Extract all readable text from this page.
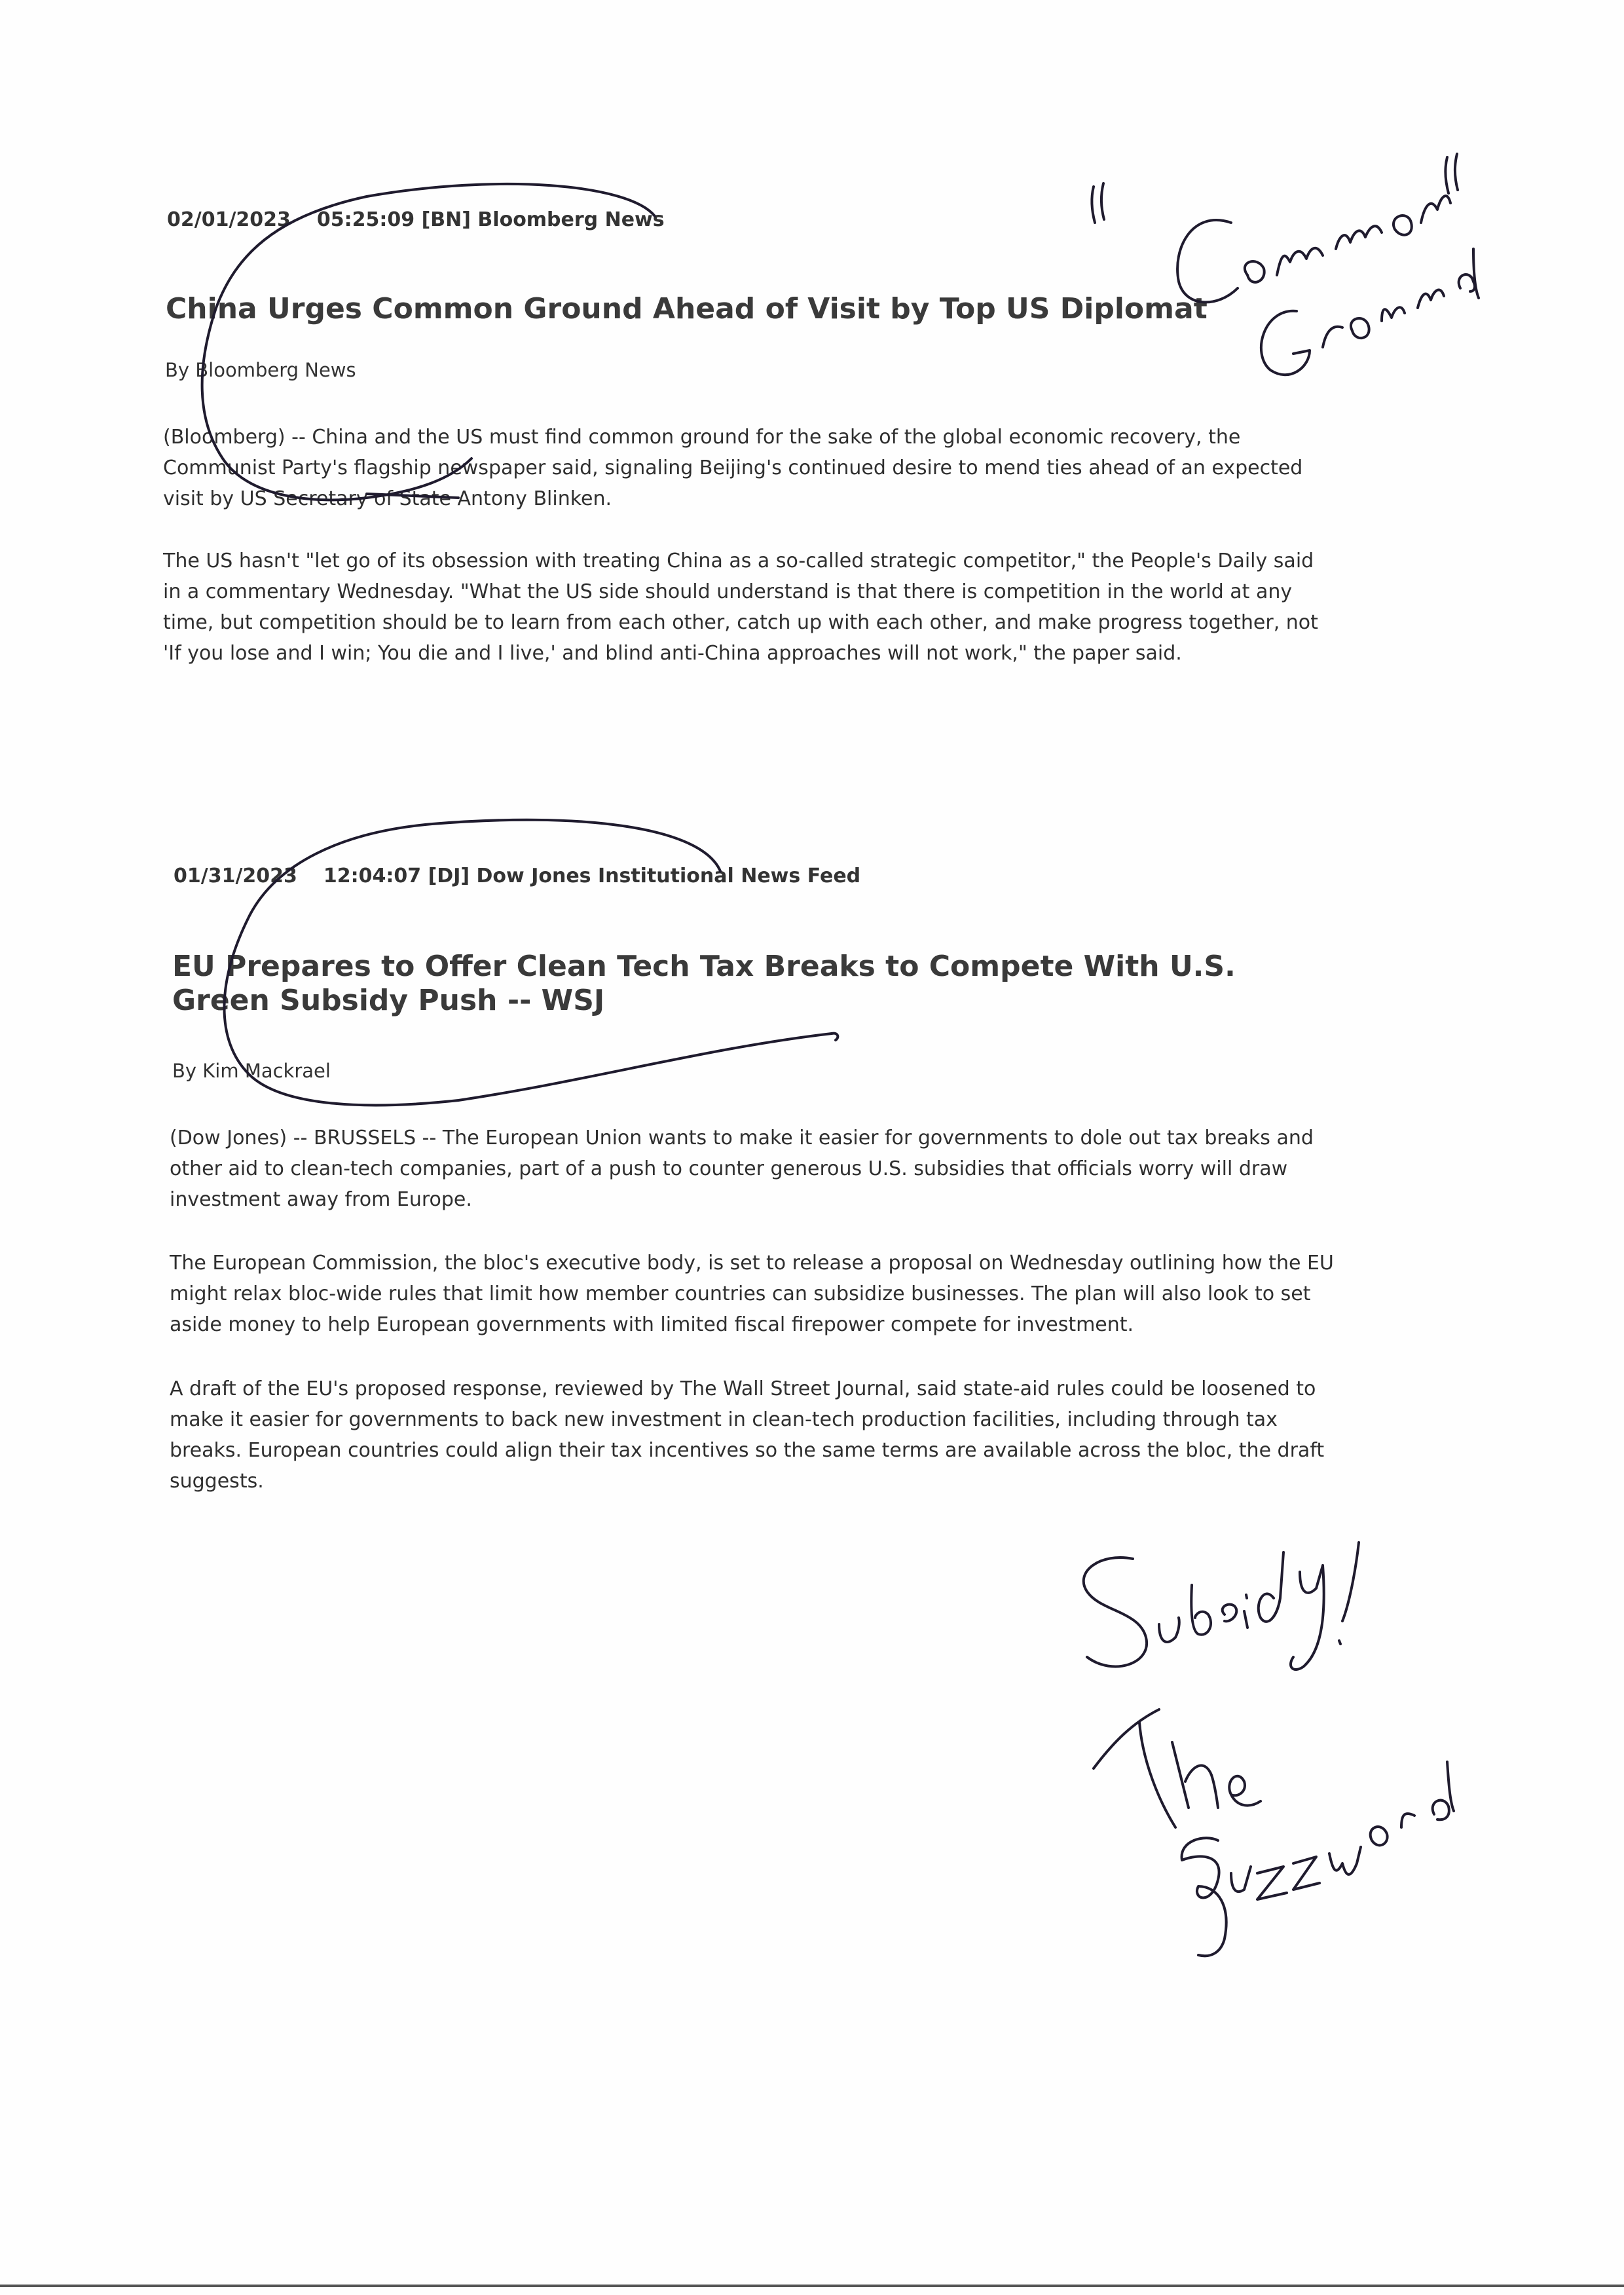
02/01/2023 05:25:09 [BN] Bloomberg News
China Urges Common Ground Ahead of Visit by Top US Diplomat
By Bloomberg News

(Bloomberg) -- China and the US must find common ground for the sake of the global economic recovery, the Communist Party's flagship newspaper said, signaling Beijing's continued desire to mend ties ahead of an expected visit by US Secretary of State Antony Blinken.

The US hasn't "let go of its obsession with treating China as a so-called strategic competitor," the People's Daily said in a commentary Wednesday. "What the US side should understand is that there is competition in the world at any time, but competition should be to learn from each other, catch up with each other, and make progress together, not 'If you lose and I win; You die and I live,' and blind anti-China approaches will not work," the paper said.

01/31/2023 12:04:07 [DJ] Dow Jones Institutional News Feed
EU Prepares to Offer Clean Tech Tax Breaks to Compete With U.S. Green Subsidy Push -- WSJ
By Kim Mackrael

(Dow Jones) -- BRUSSELS -- The European Union wants to make it easier for governments to dole out tax breaks and other aid to clean-tech companies, part of a push to counter generous U.S. subsidies that officials worry will draw investment away from Europe.

The European Commission, the bloc's executive body, is set to release a proposal on Wednesday outlining how the EU might relax bloc-wide rules that limit how member countries can subsidize businesses. The plan will also look to set aside money to help European governments with limited fiscal firepower compete for investment.

A draft of the EU's proposed response, reviewed by The Wall Street Journal, said state-aid rules could be loosened to make it easier for governments to back new investment in clean-tech production facilities, including through tax breaks. European countries could align their tax incentives so the same terms are available across the bloc, the draft suggests.
